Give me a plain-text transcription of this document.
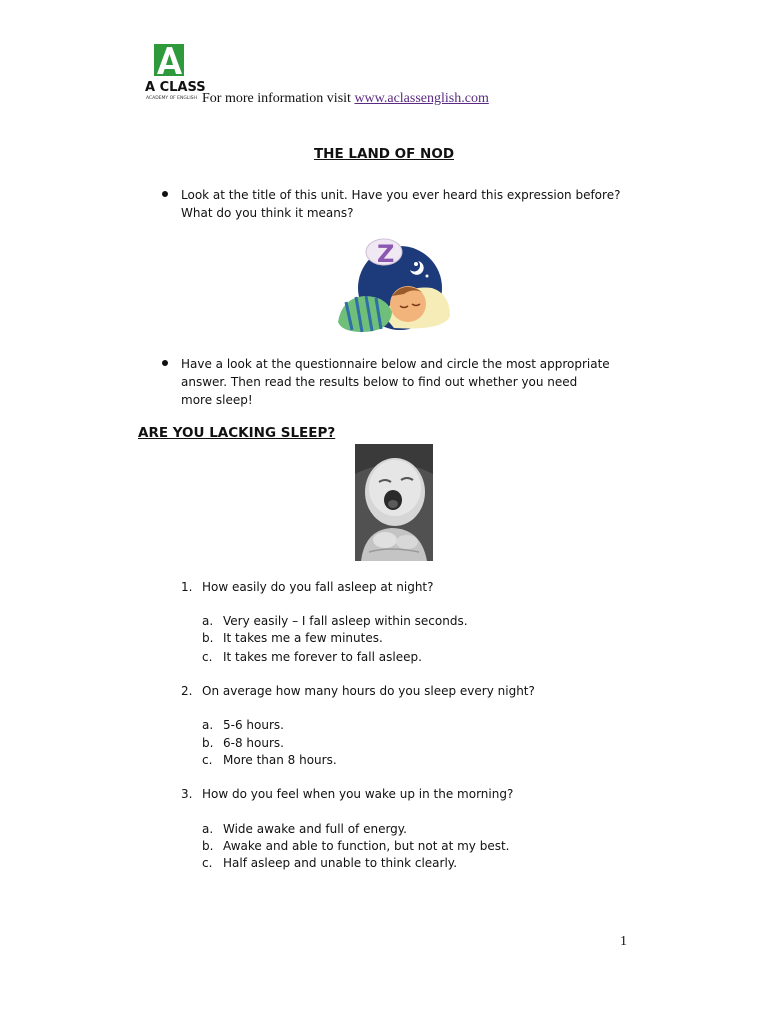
A CLASS
ACADEMY OF ENGLISH For more information visit www.aclassenglish.com
THE LAND OF NOD
Look at the title of this unit. Have you ever heard this expression before? What do you think it means?
Z
Have a look at the questionnaire below and circle the most appropriate answer. Then read the results below to find out whether you need more sleep!
ARE YOU LACKING SLEEP?
1. How easily do you fall asleep at night?
a. Very easily – I fall asleep within seconds.
b. It takes me a few minutes.
c. It takes me forever to fall asleep.
2. On average how many hours do you sleep every night?
a. 5-6 hours.
b. 6-8 hours.
c. More than 8 hours.
3. How do you feel when you wake up in the morning?
a. Wide awake and full of energy.
b. Awake and able to function, but not at my best.
c. Half asleep and unable to think clearly.
1
